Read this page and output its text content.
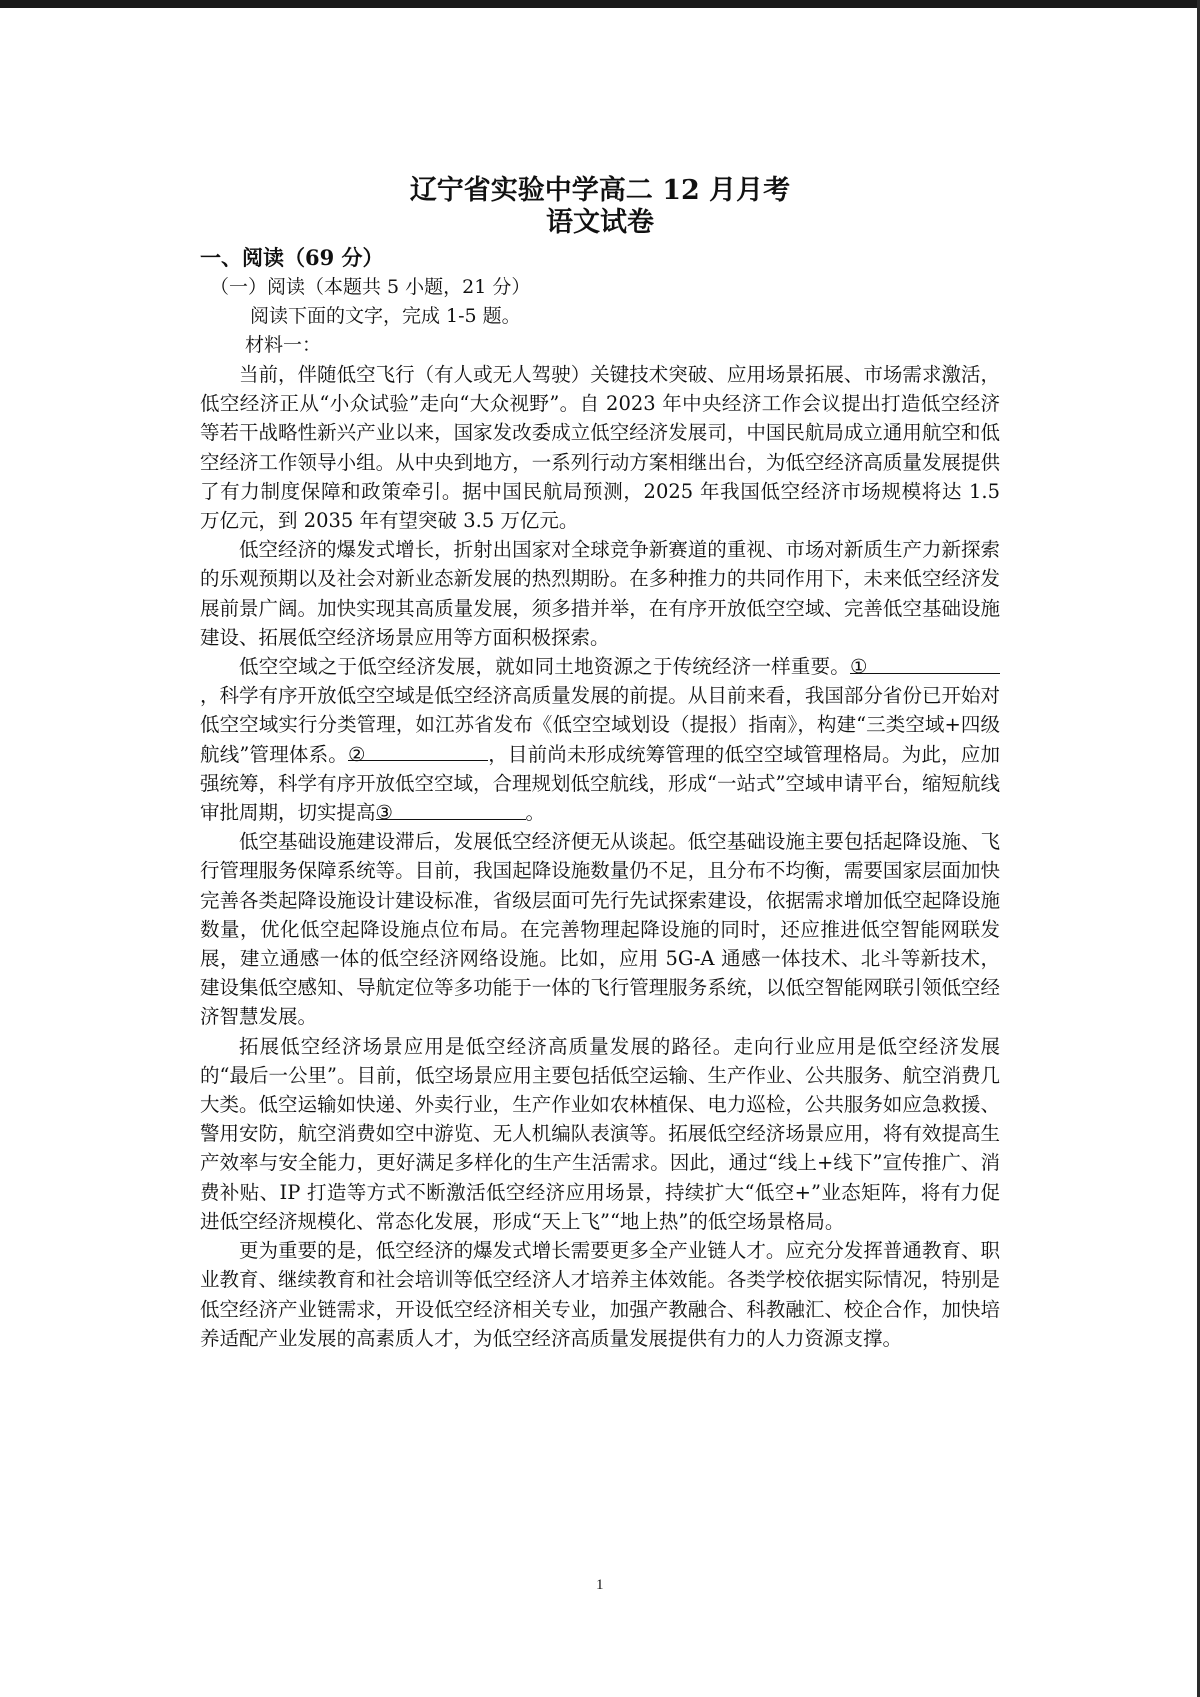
辽宁省实验中学高二 12 月月考
语文试卷
一、阅读（69 分）
（一）阅读（本题共 5 小题，21 分）
阅读下面的文字，完成 1-5 题。
材料一：

当前，伴随低空飞行（有人或无人驾驶）关键技术突破、应用场景拓展、市场需求激活，低空经济正从“小众试验”走向“大众视野”。自 2023 年中央经济工作会议提出打造低空经济等若干战略性新兴产业以来，国家发改委成立低空经济发展司，中国民航局成立通用航空和低空经济工作领导小组。从中央到地方，一系列行动方案相继出台，为低空经济高质量发展提供了有力制度保障和政策牵引。据中国民航局预测，2025 年我国低空经济市场规模将达 1.5 万亿元，到 2035 年有望突破 3.5 万亿元。

低空经济的爆发式增长，折射出国家对全球竞争新赛道的重视、市场对新质生产力新探索的乐观预期以及社会对新业态新发展的热烈期盼。在多种推力的共同作用下，未来低空经济发展前景广阔。加快实现其高质量发展，须多措并举，在有序开放低空空域、完善低空基础设施建设、拓展低空经济场景应用等方面积极探索。

低空空域之于低空经济发展，就如同土地资源之于传统经济一样重要。①，科学有序开放低空空域是低空经济高质量发展的前提。从目前来看，我国部分省份已开始对低空空域实行分类管理，如江苏省发布《低空空域划设（提报）指南》，构建“三类空域+四级航线”管理体系。②	，目前尚未形成统筹管理的低空空域管理格局。为此，应加强统筹，科学有序开放低空空域，合理规划低空航线，形成“一站式”空域申请平台，缩短航线审批周期，切实提高③	。

低空基础设施建设滞后，发展低空经济便无从谈起。低空基础设施主要包括起降设施、飞行管理服务保障系统等。目前，我国起降设施数量仍不足，且分布不均衡，需要国家层面加快完善各类起降设施设计建设标准，省级层面可先行先试探索建设，依据需求增加低空起降设施数量，优化低空起降设施点位布局。在完善物理起降设施的同时，还应推进低空智能网联发展，建立通感一体的低空经济网络设施。比如，应用 5G-A 通感一体技术、北斗等新技术，建设集低空感知、导航定位等多功能于一体的飞行管理服务系统，以低空智能网联引领低空经济智慧发展。

拓展低空经济场景应用是低空经济高质量发展的路径。走向行业应用是低空经济发展的“最后一公里”。目前，低空场景应用主要包括低空运输、生产作业、公共服务、航空消费几大类。低空运输如快递、外卖行业，生产作业如农林植保、电力巡检，公共服务如应急救援、警用安防，航空消费如空中游览、无人机编队表演等。拓展低空经济场景应用，将有效提高生产效率与安全能力，更好满足多样化的生产生活需求。因此，通过“线上+线下”宣传推广、消费补贴、IP 打造等方式不断激活低空经济应用场景，持续扩大“低空+”业态矩阵，将有力促进低空经济规模化、常态化发展，形成“天上飞”“地上热”的低空场景格局。

更为重要的是，低空经济的爆发式增长需要更多全产业链人才。应充分发挥普通教育、职业教育、继续教育和社会培训等低空经济人才培养主体效能。各类学校依据实际情况，特别是低空经济产业链需求，开设低空经济相关专业，加强产教融合、科教融汇、校企合作，加快培养适配产业发展的高素质人才，为低空经济高质量发展提供有力的人力资源支撑。

1
